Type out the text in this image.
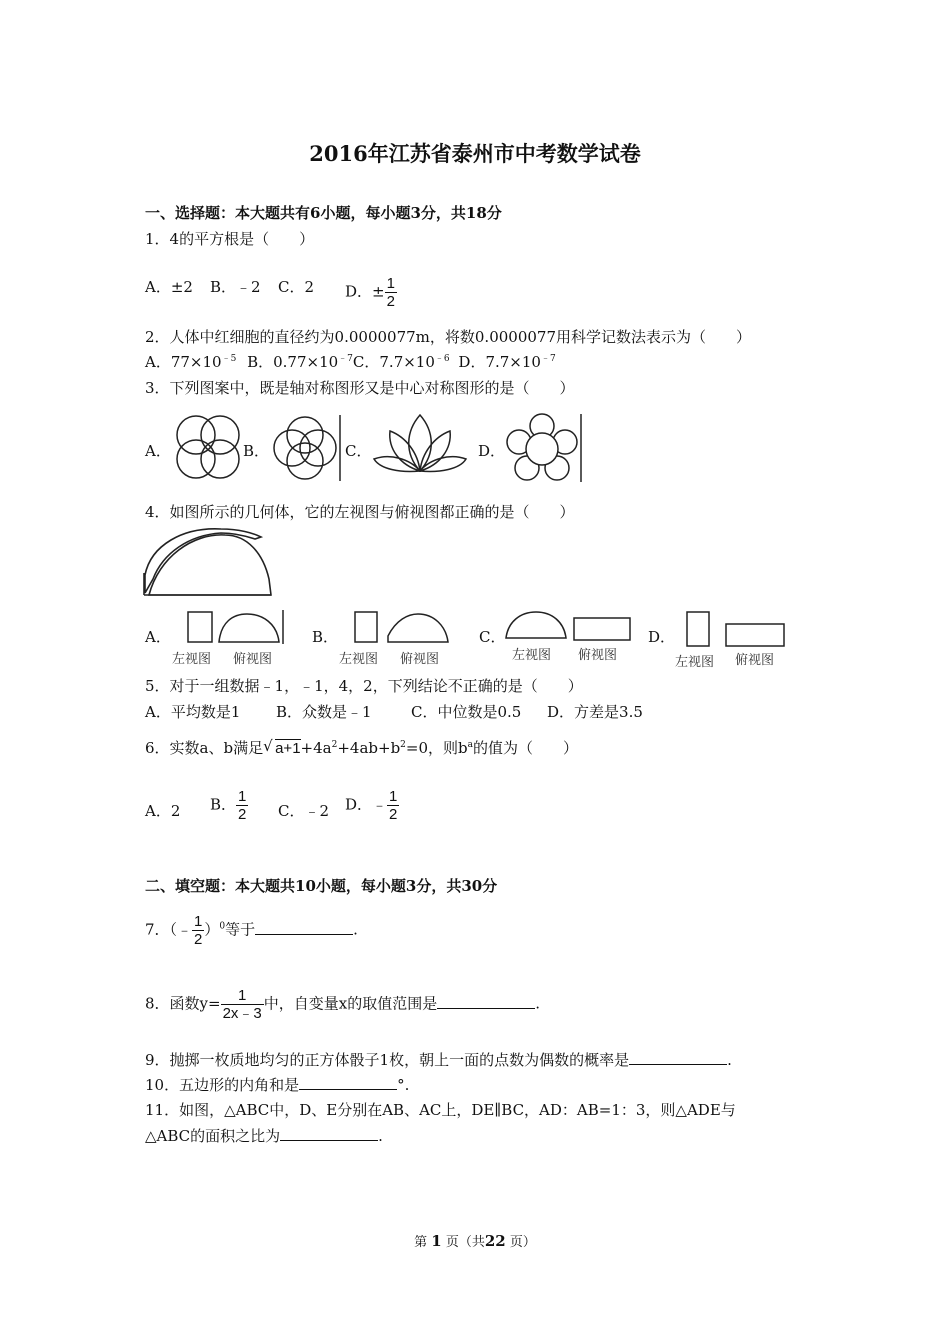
2016年江苏省泰州市中考数学试卷
一、选择题：本大题共有6小题，每小题3分，共18分
1．4的平方根是（　　）
A．±2 B．﹣2 C．2 D．± $\frac{1}{2}$
2．人体中红细胞的直径约为0.0000077m，将数0.0000077用科学记数法表示为（　　）
A．$77\times 10^{﹣5}$ B．$0.77\times 10^{﹣7}C$．$7.7\times 10^{﹣6}$ D．$7.7\times 10^{﹣7}$
3．下列图案中，既是轴对称图形又是中心对称图形的是（　　）
A．	B．	C．	D．
4．如图所示的几何体，它的左视图与俯视图都正确的是（　　）
A．
左视图 俯视图
B．
左视图 俯视图
C．
左视图 俯视图
D．
左视图 俯视图
5．对于一组数据﹣1，﹣1，4，2，下列结论不正确的是（　　）
A．平均数是1 B．众数是﹣1	C．中位数是0.5 D．方差是3.5
6．实数a、b满足 √ $a+1+4a^2+4ab+b^2=0$，则$b^a$的值为（　　）
A．2 B． $\frac{1}{2}$ C．﹣2 D．﹣ $\frac{1}{2}$
二、填空题：本大题共10小题，每小题3分，共30分
7．（﹣ $\frac{1}{2} )^0$等于	.
8．函数$y= \frac{1}{2x﹣3}$ 中，自变量x的取值范围是	.
9．抛掷一枚质地均匀的正方体骰子1枚，朝上一面的点数为偶数的概率是	.
10．五边形的内角和是	°.
11．如图，△ABC中，D、E分别在AB、AC上，DE∥BC，AD：AB=1：3，则△ADE与
△ABC的面积之比为	.
第 1 页（共22 页）
